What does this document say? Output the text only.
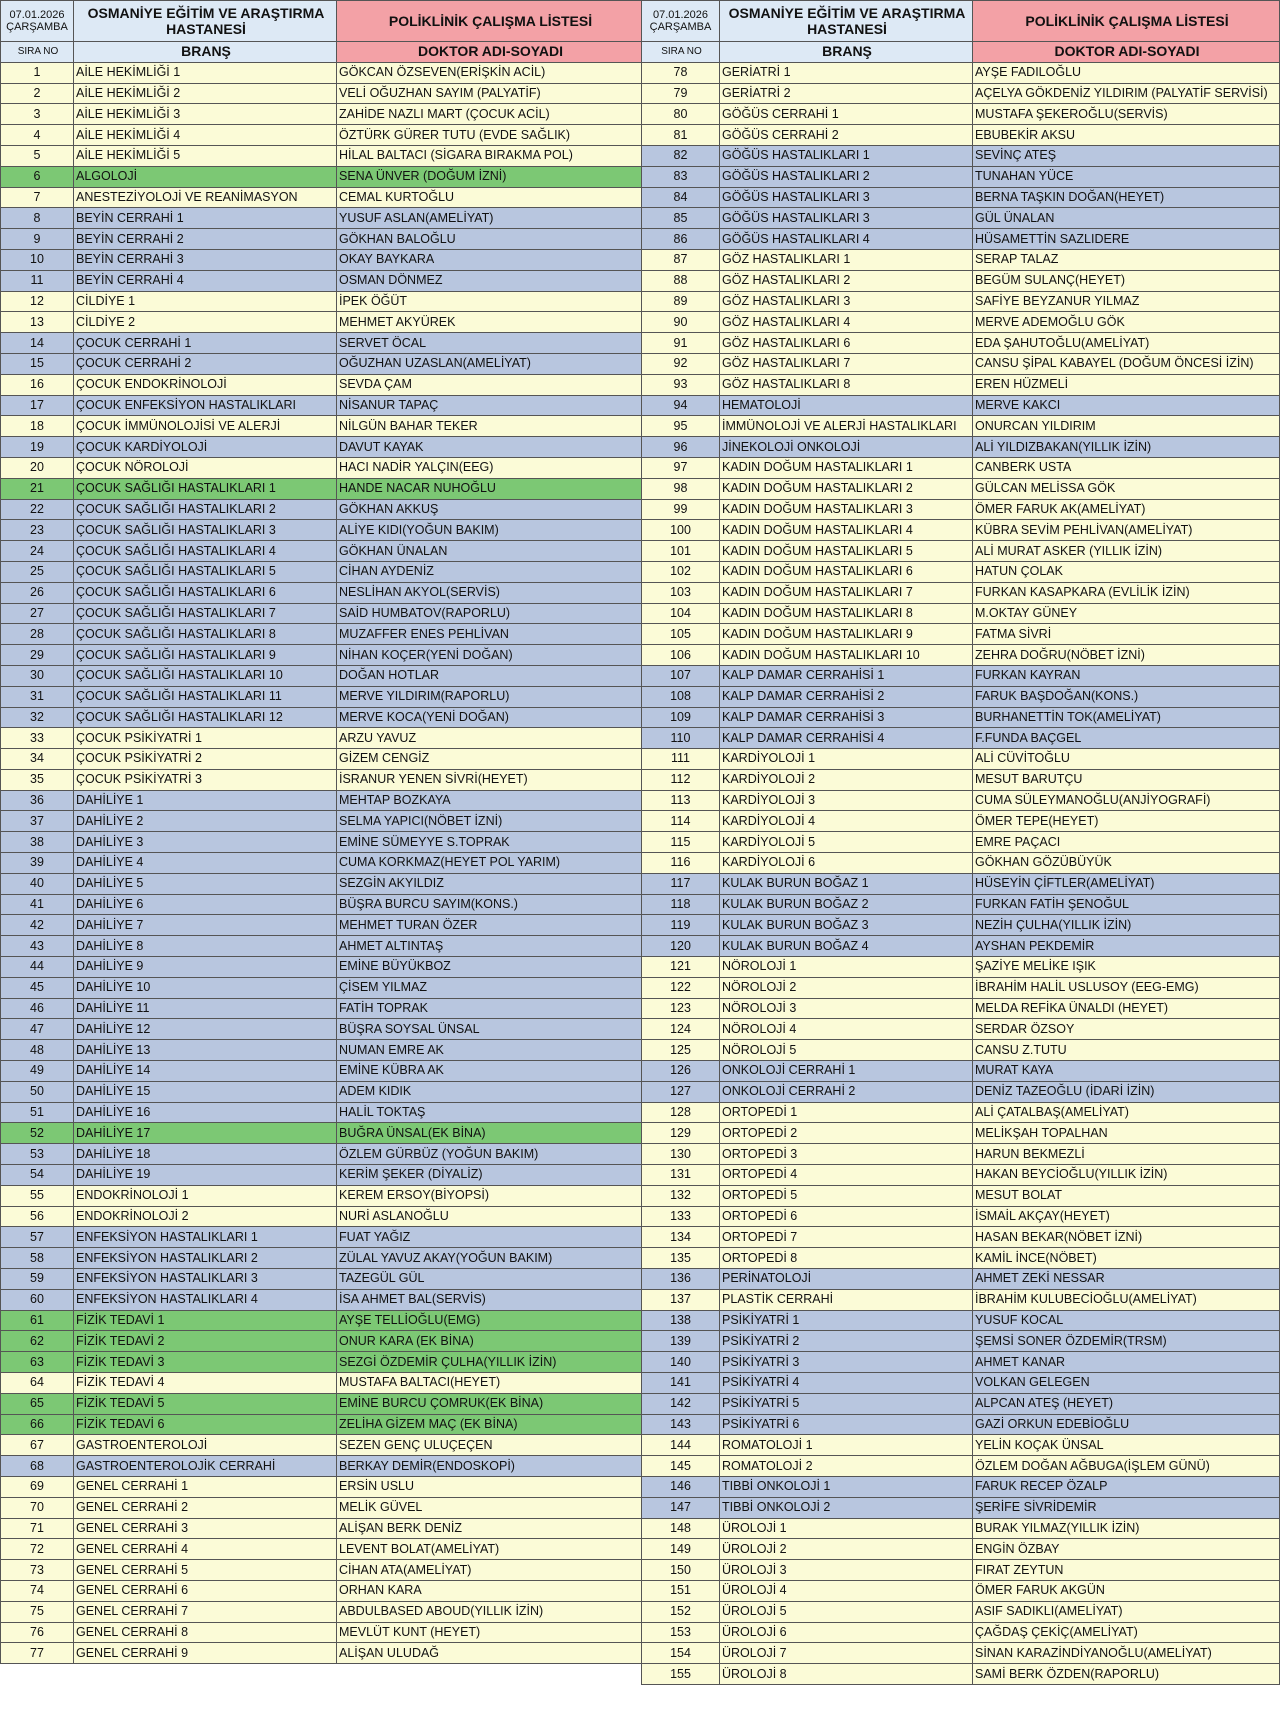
07.01.2026
ÇARŞAMBA	OSMANİYE EĞİTİM VE ARAŞTIRMA HASTANESİ	POLİKLİNİK ÇALIŞMA LİSTESİ
SIRA NO	BRANŞ	DOKTOR ADI-SOYADI
1	AİLE HEKİMLİĞİ 1	GÖKCAN ÖZSEVEN(ERİŞKİN ACİL)
2	AİLE HEKİMLİĞİ 2	VELİ OĞUZHAN SAYIM (PALYATİF)
3	AİLE HEKİMLİĞİ 3	ZAHİDE NAZLI MART (ÇOCUK ACİL)
4	AİLE HEKİMLİĞİ 4	ÖZTÜRK GÜRER TUTU (EVDE SAĞLIK)
5	AİLE HEKİMLİĞİ 5	HİLAL BALTACI (SİGARA BIRAKMA POL)
6	ALGOLOJİ	SENA ÜNVER (DOĞUM İZNİ)
7	ANESTEZİYOLOJİ VE REANİMASYON	CEMAL KURTOĞLU
8	BEYİN CERRAHİ 1	YUSUF ASLAN(AMELİYAT)
9	BEYİN CERRAHİ 2	GÖKHAN BALOĞLU
10	BEYİN CERRAHİ 3	OKAY BAYKARA
11	BEYİN CERRAHİ 4	OSMAN DÖNMEZ
12	CİLDİYE 1	İPEK ÖĞÜT
13	CİLDİYE 2	MEHMET AKYÜREK
14	ÇOCUK CERRAHİ 1	SERVET ÖCAL
15	ÇOCUK CERRAHİ 2	OĞUZHAN UZASLAN(AMELİYAT)
16	ÇOCUK ENDOKRİNOLOJİ	SEVDA ÇAM
17	ÇOCUK ENFEKSİYON HASTALIKLARI	NİSANUR TAPAÇ
18	ÇOCUK İMMÜNOLOJİSİ VE ALERJİ	NİLGÜN BAHAR TEKER
19	ÇOCUK KARDİYOLOJİ	DAVUT KAYAK
20	ÇOCUK NÖROLOJİ	HACI NADİR YALÇIN(EEG)
21	ÇOCUK SAĞLIĞI HASTALIKLARI 1	HANDE NACAR NUHOĞLU
22	ÇOCUK SAĞLIĞI HASTALIKLARI 2	GÖKHAN AKKUŞ
23	ÇOCUK SAĞLIĞI HASTALIKLARI 3	ALİYE KIDI(YOĞUN BAKIM)
24	ÇOCUK SAĞLIĞI HASTALIKLARI 4	GÖKHAN ÜNALAN
25	ÇOCUK SAĞLIĞI HASTALIKLARI 5	CİHAN AYDENİZ
26	ÇOCUK SAĞLIĞI HASTALIKLARI 6	NESLİHAN AKYOL(SERVİS)
27	ÇOCUK SAĞLIĞI HASTALIKLARI 7	SAİD HUMBATOV(RAPORLU)
28	ÇOCUK SAĞLIĞI HASTALIKLARI 8	MUZAFFER ENES PEHLİVAN
29	ÇOCUK SAĞLIĞI HASTALIKLARI 9	NİHAN KOÇER(YENİ DOĞAN)
30	ÇOCUK SAĞLIĞI HASTALIKLARI 10	DOĞAN HOTLAR
31	ÇOCUK SAĞLIĞI HASTALIKLARI 11	MERVE YILDIRIM(RAPORLU)
32	ÇOCUK SAĞLIĞI HASTALIKLARI 12	MERVE KOCA(YENİ DOĞAN)
33	ÇOCUK PSİKİYATRİ 1	ARZU YAVUZ
34	ÇOCUK PSİKİYATRİ 2	GİZEM CENGİZ
35	ÇOCUK PSİKİYATRİ 3	İSRANUR YENEN SİVRİ(HEYET)
36	DAHİLİYE 1	MEHTAP BOZKAYA
37	DAHİLİYE 2	SELMA YAPICI(NÖBET İZNİ)
38	DAHİLİYE 3	EMİNE SÜMEYYE S.TOPRAK
39	DAHİLİYE 4	CUMA KORKMAZ(HEYET POL YARIM)
40	DAHİLİYE 5	SEZGİN AKYILDIZ
41	DAHİLİYE 6	BÜŞRA BURCU SAYIM(KONS.)
42	DAHİLİYE 7	MEHMET TURAN ÖZER
43	DAHİLİYE 8	AHMET ALTINTAŞ
44	DAHİLİYE 9	EMİNE BÜYÜKBOZ
45	DAHİLİYE 10	ÇİSEM YILMAZ
46	DAHİLİYE 11	FATİH TOPRAK
47	DAHİLİYE 12	BÜŞRA SOYSAL ÜNSAL
48	DAHİLİYE 13	NUMAN EMRE AK
49	DAHİLİYE 14	EMİNE KÜBRA AK
50	DAHİLİYE 15	ADEM KIDIK
51	DAHİLİYE 16	HALİL TOKTAŞ
52	DAHİLİYE 17	BUĞRA ÜNSAL(EK BİNA)
53	DAHİLİYE 18	ÖZLEM GÜRBÜZ (YOĞUN BAKIM)
54	DAHİLİYE 19	KERİM ŞEKER (DİYALİZ)
55	ENDOKRİNOLOJİ 1	KEREM ERSOY(BİYOPSİ)
56	ENDOKRİNOLOJİ 2	NURİ ASLANOĞLU
57	ENFEKSİYON HASTALIKLARI 1	FUAT YAĞIZ
58	ENFEKSİYON HASTALIKLARI 2	ZÜLAL YAVUZ AKAY(YOĞUN BAKIM)
59	ENFEKSİYON HASTALIKLARI 3	TAZEGÜL GÜL
60	ENFEKSİYON HASTALIKLARI 4	İSA AHMET BAL(SERVİS)
61	FİZİK TEDAVİ 1	AYŞE TELLİOĞLU(EMG)
62	FİZİK TEDAVİ 2	ONUR KARA (EK BİNA)
63	FİZİK TEDAVİ 3	SEZGİ ÖZDEMİR ÇULHA(YILLIK İZİN)
64	FİZİK TEDAVİ 4	MUSTAFA BALTACI(HEYET)
65	FİZİK TEDAVİ 5	EMİNE BURCU ÇOMRUK(EK BİNA)
66	FİZİK TEDAVİ 6	ZELİHA GİZEM MAÇ (EK BİNA)
67	GASTROENTEROLOJİ	SEZEN GENÇ ULUÇEÇEN
68	GASTROENTEROLOJİK CERRAHİ	BERKAY DEMİR(ENDOSKOPİ)
69	GENEL CERRAHİ 1	ERSİN USLU
70	GENEL CERRAHİ 2	MELİK GÜVEL
71	GENEL CERRAHİ 3	ALİŞAN BERK DENİZ
72	GENEL CERRAHİ 4	LEVENT BOLAT(AMELİYAT)
73	GENEL CERRAHİ 5	CİHAN ATA(AMELİYAT)
74	GENEL CERRAHİ 6	ORHAN KARA
75	GENEL CERRAHİ 7	ABDULBASED ABOUD(YILLIK İZİN)
76	GENEL CERRAHİ 8	MEVLÜT KUNT (HEYET)
77	GENEL CERRAHİ 9	ALİŞAN ULUDAĞ
07.01.2026
ÇARŞAMBA	OSMANİYE EĞİTİM VE ARAŞTIRMA HASTANESİ	POLİKLİNİK ÇALIŞMA LİSTESİ
SIRA NO	BRANŞ	DOKTOR ADI-SOYADI
78	GERİATRİ 1	AYŞE FADILOĞLU
79	GERİATRİ 2	AÇELYA GÖKDENİZ YILDIRIM (PALYATİF SERVİSİ)
80	GÖĞÜS CERRAHİ 1	MUSTAFA ŞEKEROĞLU(SERVİS)
81	GÖĞÜS CERRAHİ 2	EBUBEKİR AKSU
82	GÖĞÜS HASTALIKLARI 1	SEVİNÇ ATEŞ
83	GÖĞÜS HASTALIKLARI 2	TUNAHAN YÜCE
84	GÖĞÜS HASTALIKLARI 3	BERNA TAŞKIN DOĞAN(HEYET)
85	GÖĞÜS HASTALIKLARI 3	GÜL ÜNALAN
86	GÖĞÜS HASTALIKLARI 4	HÜSAMETTİN SAZLIDERE
87	GÖZ HASTALIKLARI 1	SERAP TALAZ
88	GÖZ HASTALIKLARI 2	BEGÜM SULANÇ(HEYET)
89	GÖZ HASTALIKLARI 3	SAFİYE BEYZANUR YILMAZ
90	GÖZ HASTALIKLARI 4	MERVE ADEMOĞLU GÖK
91	GÖZ HASTALIKLARI 6	EDA ŞAHUTOĞLU(AMELİYAT)
92	GÖZ HASTALIKLARI 7	CANSU ŞİPAL KABAYEL (DOĞUM ÖNCESİ İZİN)
93	GÖZ HASTALIKLARI 8	EREN HÜZMELİ
94	HEMATOLOJİ	MERVE KAKCI
95	İMMÜNOLOJİ VE ALERJİ HASTALIKLARI	ONURCAN YILDIRIM
96	JİNEKOLOJİ ONKOLOJİ	ALİ YILDIZBAKAN(YILLIK İZİN)
97	KADIN DOĞUM HASTALIKLARI 1	CANBERK USTA
98	KADIN DOĞUM HASTALIKLARI 2	GÜLCAN MELİSSA GÖK
99	KADIN DOĞUM HASTALIKLARI 3	ÖMER FARUK AK(AMELİYAT)
100	KADIN DOĞUM HASTALIKLARI 4	KÜBRA SEVİM PEHLİVAN(AMELİYAT)
101	KADIN DOĞUM HASTALIKLARI 5	ALİ MURAT ASKER (YILLIK İZİN)
102	KADIN DOĞUM HASTALIKLARI 6	HATUN ÇOLAK
103	KADIN DOĞUM HASTALIKLARI 7	FURKAN KASAPKARA (EVLİLİK İZİN)
104	KADIN DOĞUM HASTALIKLARI 8	M.OKTAY GÜNEY
105	KADIN DOĞUM HASTALIKLARI 9	FATMA SİVRİ
106	KADIN DOĞUM HASTALIKLARI 10	ZEHRA DOĞRU(NÖBET İZNİ)
107	KALP DAMAR CERRAHİSİ 1	FURKAN KAYRAN
108	KALP DAMAR CERRAHİSİ 2	FARUK BAŞDOĞAN(KONS.)
109	KALP DAMAR CERRAHİSİ 3	BURHANETTİN TOK(AMELİYAT)
110	KALP DAMAR CERRAHİSİ 4	F.FUNDA BAÇGEL
111	KARDİYOLOJİ 1	ALİ CÜVİTOĞLU
112	KARDİYOLOJİ 2	MESUT BARUTÇU
113	KARDİYOLOJİ 3	CUMA SÜLEYMANOĞLU(ANJİYOGRAFİ)
114	KARDİYOLOJİ 4	ÖMER TEPE(HEYET)
115	KARDİYOLOJİ 5	EMRE PAÇACI
116	KARDİYOLOJİ 6	GÖKHAN GÖZÜBÜYÜK
117	KULAK BURUN BOĞAZ 1	HÜSEYİN ÇİFTLER(AMELİYAT)
118	KULAK BURUN BOĞAZ 2	FURKAN FATİH ŞENOĞUL
119	KULAK BURUN BOĞAZ 3	NEZİH ÇULHA(YILLIK İZİN)
120	KULAK BURUN BOĞAZ 4	AYSHAN PEKDEMİR
121	NÖROLOJİ 1	ŞAZİYE MELİKE IŞIK
122	NÖROLOJİ 2	İBRAHİM HALİL USLUSOY (EEG-EMG)
123	NÖROLOJİ 3	MELDA REFİKA ÜNALDI (HEYET)
124	NÖROLOJİ 4	SERDAR ÖZSOY
125	NÖROLOJİ 5	CANSU Z.TUTU
126	ONKOLOJİ CERRAHİ 1	MURAT KAYA
127	ONKOLOJİ CERRAHİ 2	DENİZ TAZEOĞLU (İDARİ İZİN)
128	ORTOPEDİ 1	ALİ ÇATALBAŞ(AMELİYAT)
129	ORTOPEDİ 2	MELİKŞAH TOPALHAN
130	ORTOPEDİ 3	HARUN BEKMEZLİ
131	ORTOPEDİ 4	HAKAN BEYCİOĞLU(YILLIK İZİN)
132	ORTOPEDİ 5	MESUT BOLAT
133	ORTOPEDİ 6	İSMAİL AKÇAY(HEYET)
134	ORTOPEDİ 7	HASAN BEKAR(NÖBET İZNİ)
135	ORTOPEDİ 8	KAMİL İNCE(NÖBET)
136	PERİNATOLOJİ	AHMET ZEKİ NESSAR
137	PLASTİK CERRAHİ	İBRAHİM KULUBECİOĞLU(AMELİYAT)
138	PSİKİYATRİ 1	YUSUF KOCAL
139	PSİKİYATRİ 2	ŞEMSİ SONER ÖZDEMİR(TRSM)
140	PSİKİYATRİ 3	AHMET KANAR
141	PSİKİYATRİ 4	VOLKAN GELEGEN
142	PSİKİYATRİ 5	ALPCAN ATEŞ (HEYET)
143	PSİKİYATRİ 6	GAZİ ORKUN EDEBİOĞLU
144	ROMATOLOJİ 1	YELİN KOÇAK ÜNSAL
145	ROMATOLOJİ 2	ÖZLEM DOĞAN AĞBUGA(İŞLEM GÜNÜ)
146	TIBBİ ONKOLOJİ 1	FARUK RECEP ÖZALP
147	TIBBİ ONKOLOJİ 2	ŞERİFE SİVRİDEMİR
148	ÜROLOJİ 1	BURAK YILMAZ(YILLIK İZİN)
149	ÜROLOJİ 2	ENGİN ÖZBAY
150	ÜROLOJİ 3	FIRAT ZEYTUN
151	ÜROLOJİ 4	ÖMER FARUK AKGÜN
152	ÜROLOJİ 5	ASIF SADIKLI(AMELİYAT)
153	ÜROLOJİ 6	ÇAĞDAŞ ÇEKİÇ(AMELİYAT)
154	ÜROLOJİ 7	SİNAN KARAZİNDİYANOĞLU(AMELİYAT)
155	ÜROLOJİ 8	SAMİ BERK ÖZDEN(RAPORLU)
